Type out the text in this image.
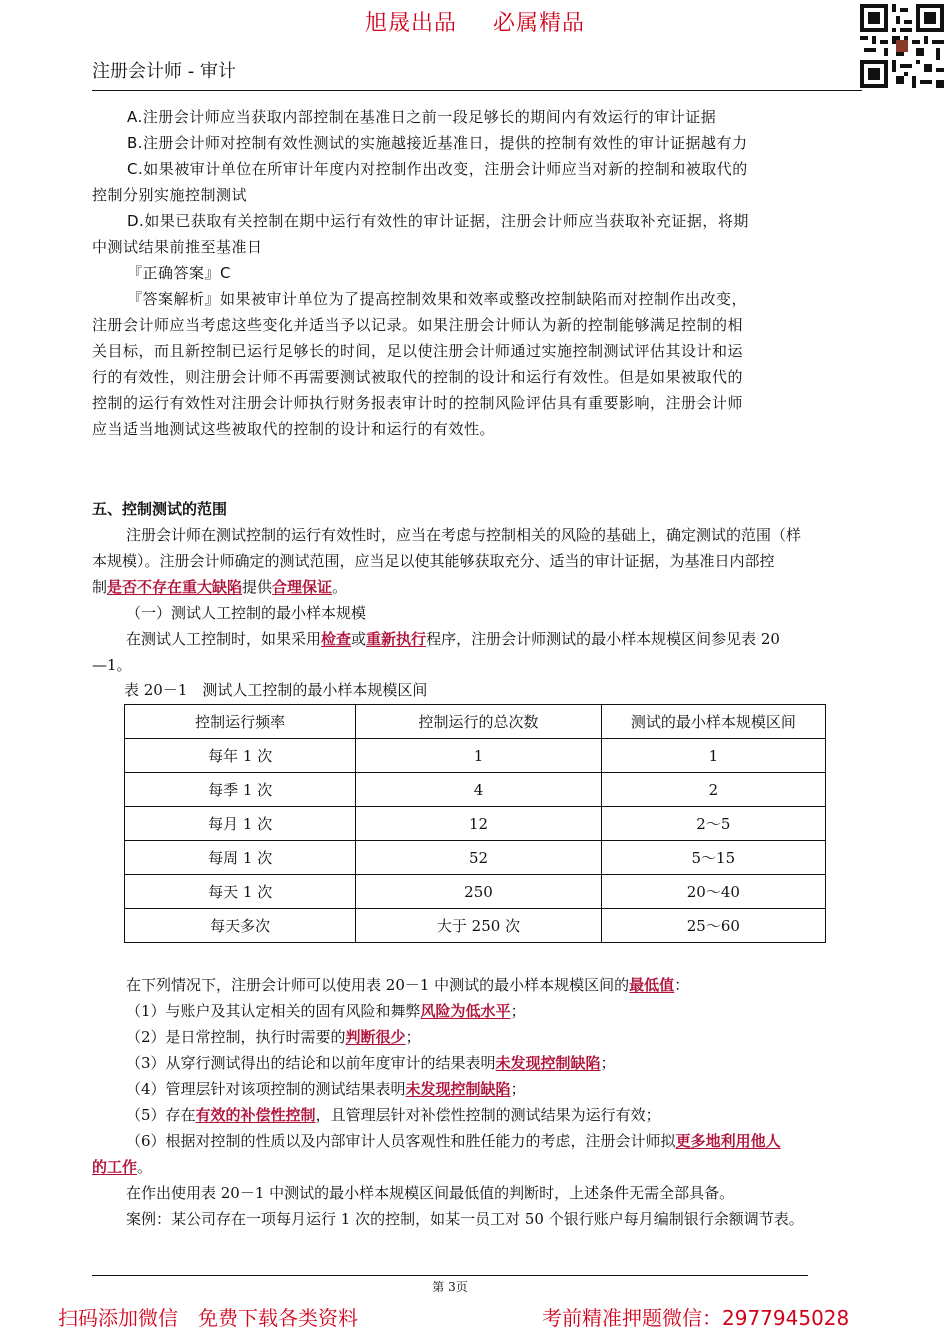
旭晟出品 必属精品
注册会计师 - 审计
A.注册会计师应当获取内部控制在基准日之前一段足够长的期间内有效运行的审计证据
B.注册会计师对控制有效性测试的实施越接近基准日，提供的控制有效性的审计证据越有力
C.如果被审计单位在所审计年度内对控制作出改变，注册会计师应当对新的控制和被取代的
控制分别实施控制测试
D.如果已获取有关控制在期中运行有效性的审计证据，注册会计师应当获取补充证据，将期
中测试结果前推至基准日
『正确答案』C
『答案解析』如果被审计单位为了提高控制效果和效率或整改控制缺陷而对控制作出改变，
注册会计师应当考虑这些变化并适当予以记录。如果注册会计师认为新的控制能够满足控制的相
关目标，而且新控制已运行足够长的时间，足以使注册会计师通过实施控制测试评估其设计和运
行的有效性，则注册会计师不再需要测试被取代的控制的设计和运行有效性。但是如果被取代的
控制的运行有效性对注册会计师执行财务报表审计时的控制风险评估具有重要影响，注册会计师
应当适当地测试这些被取代的控制的设计和运行的有效性。
五、控制测试的范围
注册会计师在测试控制的运行有效性时，应当在考虑与控制相关的风险的基础上，确定测试的范围（样
本规模）。注册会计师确定的测试范围，应当足以使其能够获取充分、适当的审计证据，为基准日内部控
制是否不存在重大缺陷提供合理保证。
（一）测试人工控制的最小样本规模
在测试人工控制时，如果采用检查或重新执行程序，注册会计师测试的最小样本规模区间参见表 20
—1。
表 20－1　测试人工控制的最小样本规模区间
控制运行频率	控制运行的总次数	测试的最小样本规模区间
每年 1 次	1	1
每季 1 次	4	2
每月 1 次	12	2～5
每周 1 次	52	5～15
每天 1 次	250	20～40
每天多次	大于 250 次	25～60
在下列情况下，注册会计师可以使用表 20－1 中测试的最小样本规模区间的最低值：
（1）与账户及其认定相关的固有风险和舞弊风险为低水平；
（2）是日常控制，执行时需要的判断很少；
（3）从穿行测试得出的结论和以前年度审计的结果表明未发现控制缺陷；
（4）管理层针对该项控制的测试结果表明未发现控制缺陷；
（5）存在有效的补偿性控制，且管理层针对补偿性控制的测试结果为运行有效；
（6）根据对控制的性质以及内部审计人员客观性和胜任能力的考虑，注册会计师拟更多地利用他人
的工作。
在作出使用表 20－1 中测试的最小样本规模区间最低值的判断时，上述条件无需全部具备。
案例：某公司存在一项每月运行 1 次的控制，如某一员工对 50 个银行账户每月编制银行余额调节表。
第 3页
扫码添加微信　免费下载各类资料	考前精准押题微信：2977945028
